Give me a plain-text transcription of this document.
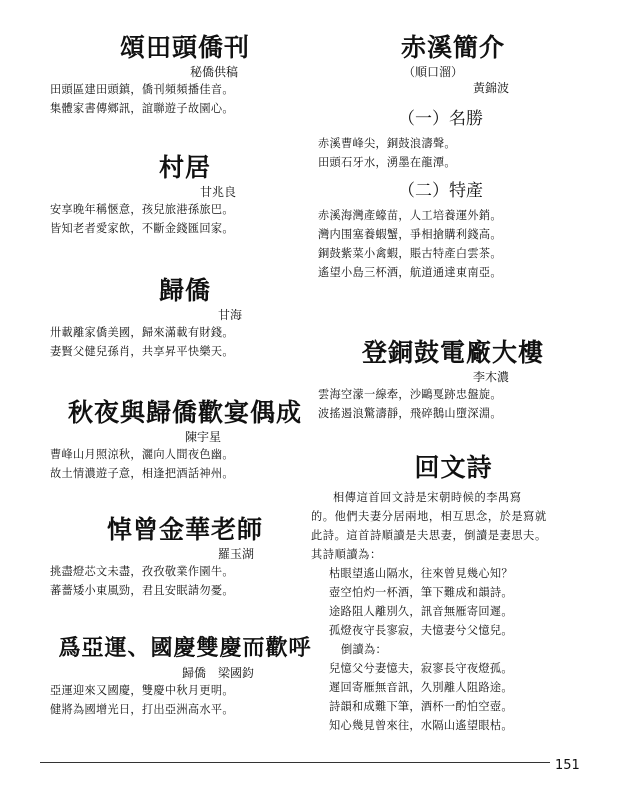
頌田頭僑刊
秘僑供稿
田頭區建田頭鎮，僑刊頻頻播佳音。
集體家書傳鄉訊，誼聯遊子故園心。
村居
甘兆良
安享晚年稱愜意，孩兒旅港孫旅巴。
皆知老者愛家飲，不斷金錢匯回家。
歸僑
甘海
卅載離家僑美國，歸來滿載有財錢。
妻賢父健兒孫肖，共享昇平快樂天。
秋夜與歸僑歡宴偶成
陳宇星
曹峰山月照涼秋，灑向人間夜色幽。
故土情濃遊子意，相逢把酒話神州。
悼曾金華老師
羅玉湖
挑盡燈芯文未盡，孜孜敬業作園牛。
蕃薔矮小東風勁，君且安眠請勿憂。
爲亞運、國慶雙慶而歡呼
歸僑　梁國鈞
亞運迎來又國慶，雙慶中秋月更明。
健將為國增光日，打出亞洲高水平。
赤溪簡介
（順口溜）
黃錦波
（一）名勝
赤溪曹峰尖，銅鼓浪濤聲。
田頭石牙水，湧墨在龍潭。
（二）特產
赤溪海灣產蠔苗，人工培養運外銷。
灣内围塞養蝦蟹，爭相搶購利錢高。
銅鼓紫菜小禽蝦，賬古特產白雲茶。
遙望小島三杯酒，航道通達東南亞。
登銅鼓電廠大樓
李木濃
雲海空濛一線牽，沙鷗戛跡忠盤旋。
波搖遏浪驚濤靜，飛碎鵝山墮深淵。
回文詩
相傳這首回文詩是宋朝時候的李禺寫
的。他們夫妻分居兩地，相互思念，於是寫就
此詩。這首詩順讀是夫思妻，倒讀是妻思夫。
其詩順讀為：
枯眼望遙山隔水，往來曾見幾心知？
壺空怕灼一杯酒，筆下難成和韻詩。
途路阻人離別久，訊音無雁寄回遲。
孤燈夜守長寥寂，夫憶妻兮父憶兒。
倒讀為：
兒憶父兮妻憶夫，寂寥長守夜燈孤。
遲回寄雁無音訊，久別離人阻路途。
詩韻和成難下筆，酒杯一酌怕空壺。
知心幾見曾來往，水隔山遙望眼枯。
151
